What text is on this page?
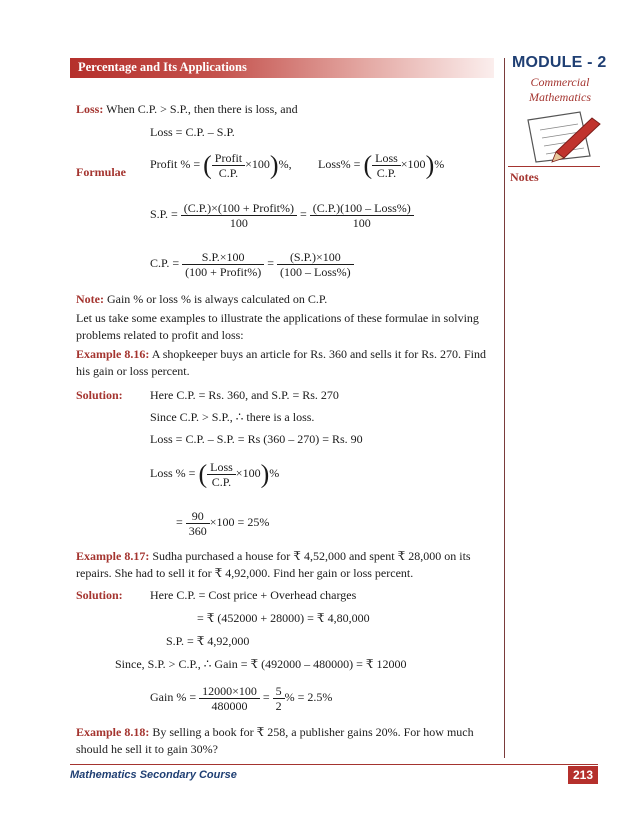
Percentage and Its Applications	MODULE - 2
Commercial
Mathematics
Notes
Loss: When C.P. > S.P., then there is loss, and
Loss = C.P. – S.P.
Formulae
Profit % = ( $\frac{\text{Profit}}{C.P.} \times 100)\%$, Loss% = ( $\frac{\text{Loss}}{C.P.} \times 100)\%$
S.P. = $\frac{\text{(C.P.)×(100 + Profit\%)}}{100} = \frac{\text{(C.P.)(100 – Loss\%)}}{100}$
C.P. = $\frac{S.P.\times 100}{\text{(100 + Profit\%)}} = \frac{(S.P.)\times 100}{\text{(100 – Loss\%)}}$
Note: Gain % or loss % is always calculated on C.P.
Let us take some examples to illustrate the applications of these formulae in solving problems related to profit and loss:
Example 8.16: A shopkeeper buys an article for Rs. 360 and sells it for Rs. 270. Find his gain or loss percent.
Solution: Here C.P. = Rs. 360, and S.P. = Rs. 270
Since C.P. > S.P., ∴ there is a loss.
Loss = C.P. – S.P. = Rs (360 – 270) = Rs. 90
Loss % = ( $\frac{\text{Loss}}{C.P.} \times 100)\%$
= $\frac{90}{360} \times 100 = 25\%$
Example 8.17: Sudha purchased a house for ₹ 4,52,000 and spent ₹ 28,000 on its repairs. She had to sell it for ₹ 4,92,000. Find her gain or loss percent.
Solution: Here C.P. = Cost price + Overhead charges
= ₹ (452000 + 28000) = ₹ 4,80,000
S.P. = ₹ 4,92,000
Since, S.P. > C.P., ∴ Gain = ₹ (492000 – 480000) = ₹ 12000
Gain % = $\frac{12000\times 100}{480000} = \frac{5}{2}$ % = 2.5%
Example 8.18: By selling a book for ₹ 258, a publisher gains 20%. For how much should he sell it to gain 30%?
Mathematics Secondary Course	213
